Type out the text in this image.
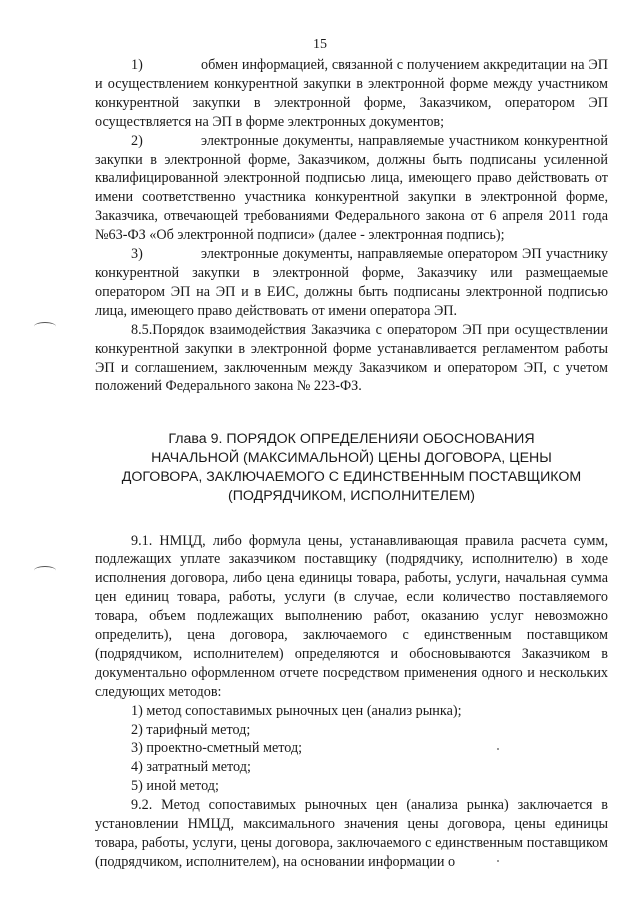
15

1)	обмен информацией, связанной с получением аккредитации на ЭП и осуществлением конкурентной закупки в электронной форме между участником конкурентной закупки в электронной форме, Заказчиком, оператором ЭП осуществляется на ЭП в форме электронных документов;

2)	электронные документы, направляемые участником конкурентной закупки в электронной форме, Заказчиком, должны быть подписаны усиленной квалифицированной электронной подписью лица, имеющего право действовать от имени соответственно участника конкурентной закупки в электронной форме, Заказчика, отвечающей требованиями Федерального закона от 6 апреля 2011 года №63-ФЗ «Об электронной подписи» (далее - электронная подпись);

3)	электронные документы, направляемые оператором ЭП участнику конкурентной закупки в электронной форме, Заказчику или размещаемые оператором ЭП на ЭП и в ЕИС, должны быть подписаны электронной подписью лица, имеющего право действовать от имени оператора ЭП.

8.5.Порядок взаимодействия Заказчика с оператором ЭП при осуществлении конкурентной закупки в электронной форме устанавливается регламентом работы ЭП и соглашением, заключенным между Заказчиком и оператором ЭП, с учетом положений Федерального закона № 223-ФЗ.

Глава 9. ПОРЯДОК ОПРЕДЕЛЕНИЯИ ОБОСНОВАНИЯ
НАЧАЛЬНОЙ (МАКСИМАЛЬНОЙ) ЦЕНЫ ДОГОВОРА, ЦЕНЫ
ДОГОВОРА, ЗАКЛЮЧАЕМОГО С ЕДИНСТВЕННЫМ ПОСТАВЩИКОМ
(ПОДРЯДЧИКОМ, ИСПОЛНИТЕЛЕМ)

9.1. НМЦД, либо формула цены, устанавливающая правила расчета сумм, подлежащих уплате заказчиком поставщику (подрядчику, исполнителю) в ходе исполнения договора, либо цена единицы товара, работы, услуги, начальная сумма цен единиц товара, работы, услуги (в случае, если количество поставляемого товара, объем подлежащих выполнению работ, оказанию услуг невозможно определить), цена договора, заключаемого с единственным поставщиком (подрядчиком, исполнителем) определяются и обосновываются Заказчиком в документально оформленном отчете посредством применения одного и нескольких следующих методов:

1) метод сопоставимых рыночных цен (анализ рынка);
2) тарифный метод;
3) проектно-сметный метод;
4) затратный метод;
5) иной метод;

9.2. Метод сопоставимых рыночных цен (анализа рынка) заключается в установлении НМЦД, максимального значения цены договора, цены единицы товара, работы, услуги, цены договора, заключаемого с единственным поставщиком (подрядчиком, исполнителем), на основании информации о
